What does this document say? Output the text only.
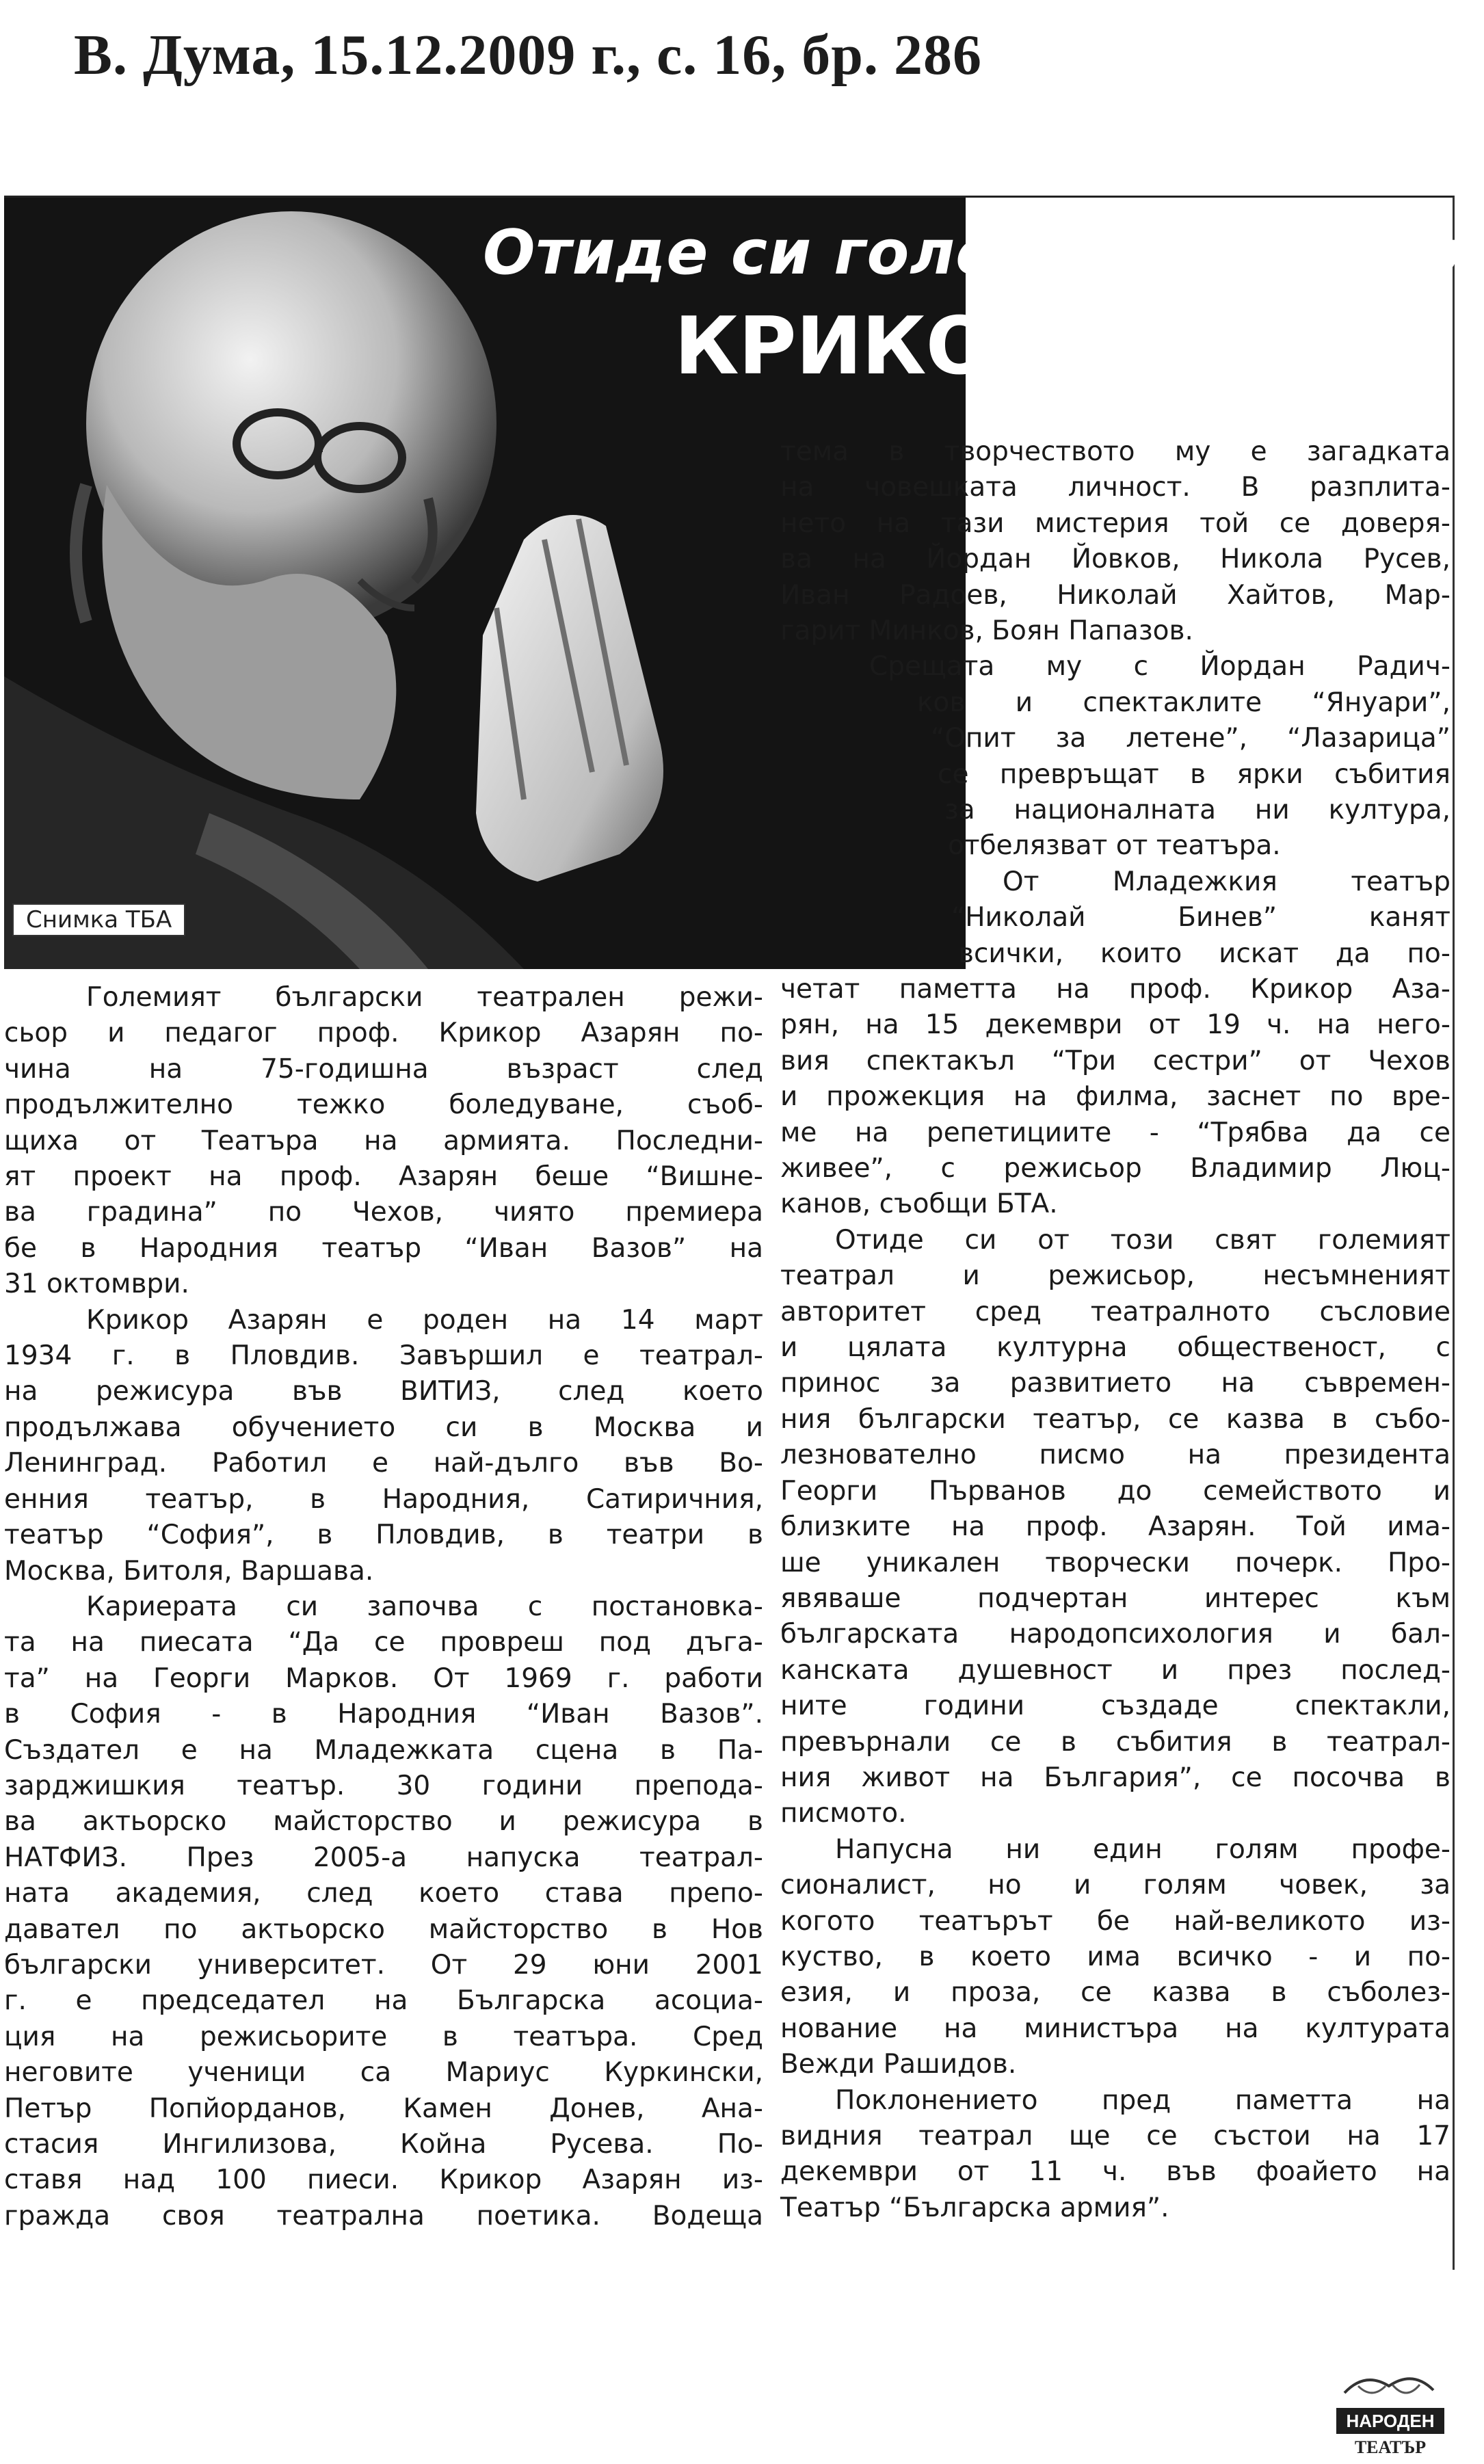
В. Дума, 15.12.2009 г., с. 16, бр. 286
Снимка ТБА
Отиде си големият театрал
КРИКОР АЗАРЯН
тема в творчеството му е загадката
на човешката личност. В разплита-
нето на тази мистерия той се доверя-
ва на Йордан Йовков, Никола Русев,
Иван Радоев, Николай Хайтов, Мар-
гарит Минков, Боян Папазов.
Срещата му с Йордан Радич-
ков и спектаклите “Януари”,
“Опит за летене”, “Лазарица”
се превръщат в ярки събития
за националната ни култура,
отбелязват от театъра.
От Младежкия театър
“Николай Бинев” канят
всички, които искат да по-
четат паметта на проф. Крикор Аза-
рян, на 15 декември от 19 ч. на него-
вия спектакъл “Три сестри” от Чехов
и прожекция на филма, заснет по вре-
ме на репетициите - “Трябва да се
живее”, с режисьор Владимир Люц-
канов, съобщи БТА.
Отиде си от този свят големият
театрал и режисьор, несъмненият
авторитет сред театралното съсловие
и цялата културна общественост, с
принос за развитието на съвремен-
ния български театър, се казва в събо-
лезнователно писмо на президента
Георги Първанов до семейството и
близките на проф. Азарян. Той има-
ше уникален творчески почерк. Про-
явяваше подчертан интерес към
българската народопсихология и бал-
канската душевност и през послед-
ните години създаде спектакли,
превърнали се в събития в театрал-
ния живот на България”, се посочва в
писмото.
Напусна ни един голям профе-
сионалист, но и голям човек, за
когото театърът бе най-великото из-
куство, в което има всичко - и по-
езия, и проза, се казва в съболез-
нование на министъра на културата
Вежди Рашидов.
Поклонението пред паметта на
видния театрал ще се състои на 17
декември от 11 ч. във фоайето на
Театър “Българска армия”.
Големият български театрален режи-
сьор и педагог проф. Крикор Азарян по-
чина на 75-годишна възраст след
продължително тежко боледуване, съоб-
щиха от Театъра на армията. Последни-
ят проект на проф. Азарян беше “Вишне-
ва градина” по Чехов, чиято премиера
бе в Народния театър “Иван Вазов” на
31 октомври.
Крикор Азарян е роден на 14 март
1934 г. в Пловдив. Завършил е театрал-
на режисура във ВИТИЗ, след което
продължава обучението си в Москва и
Ленинград. Работил е най-дълго във Во-
енния театър, в Народния, Сатиричния,
театър “София”, в Пловдив, в театри в
Москва, Битоля, Варшава.
Кариерата си започва с постановка-
та на пиесата “Да се провреш под дъга-
та” на Георги Марков. От 1969 г. работи
в София - в Народния “Иван Вазов”.
Създател е на Младежката сцена в Па-
зарджишкия театър. 30 години препода-
ва актьорско майсторство и режисура в
НАТФИЗ. През 2005-а напуска театрал-
ната академия, след което става препо-
давател по актьорско майсторство в Нов
български университет. От 29 юни 2001
г. е председател на Българска асоциа-
ция на режисьорите в театъра. Сред
неговите ученици са Мариус Куркински,
Петър Попйорданов, Камен Донев, Ана-
стасия Ингилизова, Койна Русева. По-
ставя над 100 пиеси. Крикор Азарян из-
гражда своя театрална поетика. Водеща
НАРОДЕН
ТЕАТЪР
